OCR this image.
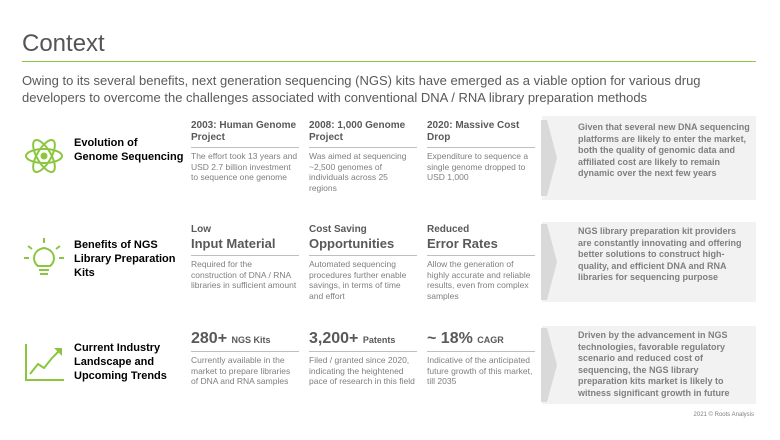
Context
Owing to its several benefits, next generation sequencing (NGS) kits have emerged as a viable option for various drug developers to overcome the challenges associated with conventional DNA / RNA library preparation methods
Evolution of Genome Sequencing
2003: Human Genome Project
The effort took 13 years and USD 2.7 billion investment to sequence one genome
2008: 1,000 Genome Project
Was aimed at sequencing ~2,500 genomes of individuals across 25 regions
2020: Massive Cost Drop
Expenditure to sequence a single genome dropped to USD 1,000
Given that several new DNA sequencing platforms are likely to enter the market, both the quality of genomic data and affiliated cost are likely to remain dynamic over the next few years
Benefits of NGS Library Preparation Kits
Low
Input Material
Required for the construction of DNA / RNA libraries in sufficient amount
Cost Saving
Opportunities
Automated sequencing procedures further enable savings, in terms of time and effort
Reduced
Error Rates
Allow the generation of highly accurate and reliable results, even from complex samples
NGS library preparation kit providers are constantly innovating and offering better solutions to construct high-quality, and efficient DNA and RNA libraries for sequencing purpose
Current Industry Landscape and Upcoming Trends
280+ NGS Kits
Currently available in the market to prepare libraries of DNA and RNA samples
3,200+ Patents
Filed / granted since 2020, indicating the heightened pace of research in this field
~ 18% CAGR
Indicative of the anticipated future growth of this market, till 2035
Driven by the advancement in NGS technologies, favorable regulatory scenario and reduced cost of sequencing, the NGS library preparation kits market is likely to witness significant growth in future
2021 © Roots Analysis
